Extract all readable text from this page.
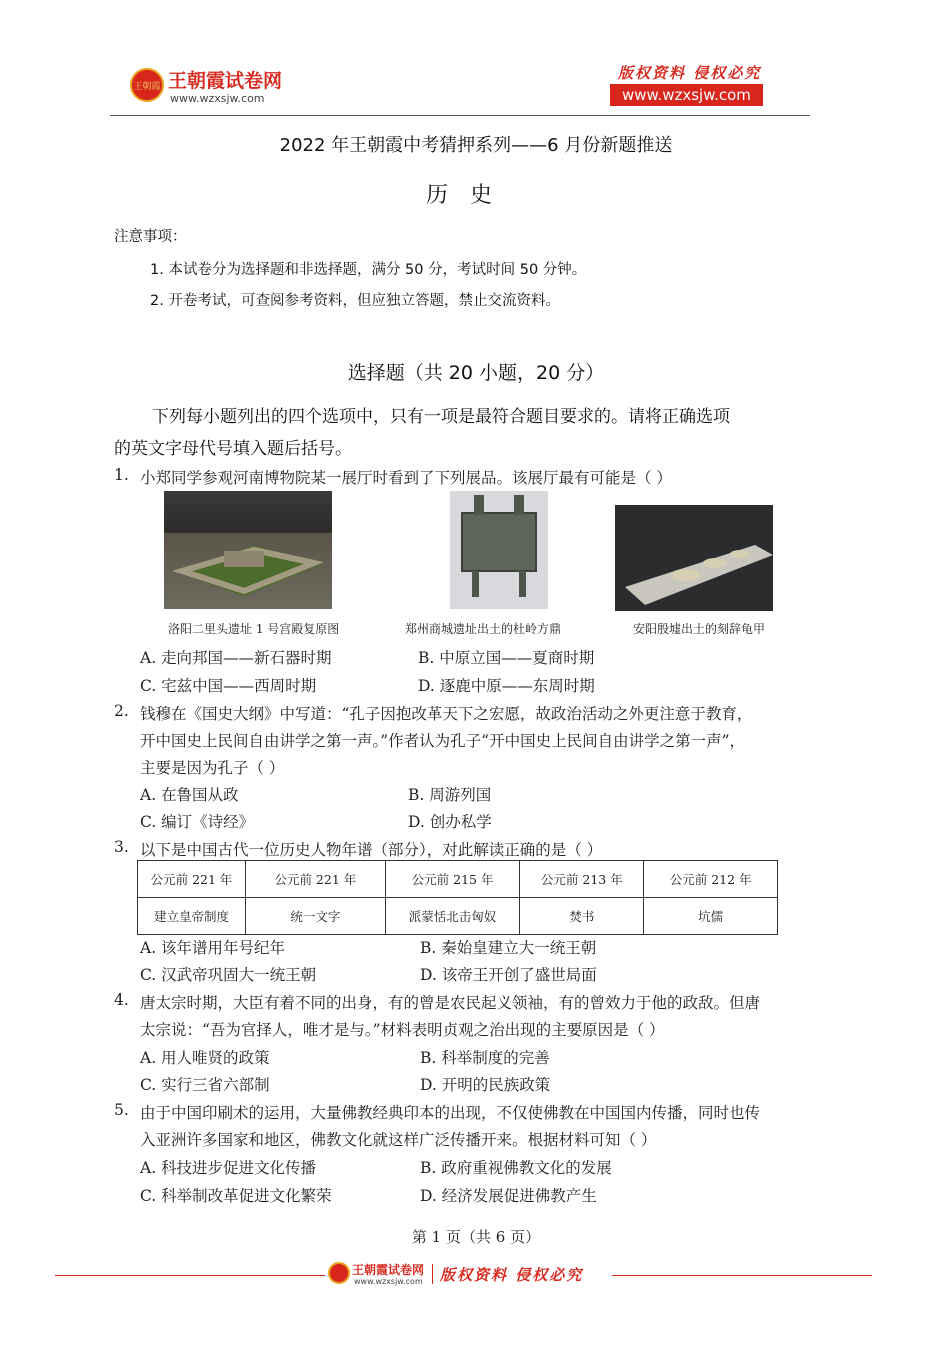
王朝霞 王朝霞试卷网
www.wzxsjw.com
版权资料 侵权必究
www.wzxsjw.com
2022 年王朝霞中考猜押系列——6 月份新题推送
历史
注意事项：
1. 本试卷分为选择题和非选择题，满分 50 分，考试时间 50 分钟。
2. 开卷考试，可查阅参考资料，但应独立答题，禁止交流资料。
选择题（共 20 小题，20 分）
下列每小题列出的四个选项中，只有一项是最符合题目要求的。请将正确选项
的英文字母代号填入题后括号。
1. 小郑同学参观河南博物院某一展厅时看到了下列展品。该展厅最有可能是（ ）
洛阳二里头遗址 1 号宫殿复原图	郑州商城遗址出土的杜岭方鼎	安阳殷墟出土的刻辞龟甲
A. 走向邦国——新石器时期	B. 中原立国——夏商时期
C. 宅兹中国——西周时期	D. 逐鹿中原——东周时期
2. 钱穆在《国史大纲》中写道：“孔子因抱改革天下之宏愿，故政治活动之外更注意于教育，
开中国史上民间自由讲学之第一声。”作者认为孔子“开中国史上民间自由讲学之第一声”，
主要是因为孔子（ ）
A. 在鲁国从政	B. 周游列国
C. 编订《诗经》	D. 创办私学
3. 以下是中国古代一位历史人物年谱（部分），对此解读正确的是（ ）
公元前 221 年	公元前 221 年	公元前 215 年	公元前 213 年	公元前 212 年
建立皇帝制度	统一文字	派蒙恬北击匈奴	焚书	坑儒
A. 该年谱用年号纪年	B. 秦始皇建立大一统王朝
C. 汉武帝巩固大一统王朝	D. 该帝王开创了盛世局面
4. 唐太宗时期，大臣有着不同的出身，有的曾是农民起义领袖，有的曾效力于他的政敌。但唐
太宗说：“吾为官择人，唯才是与。”材料表明贞观之治出现的主要原因是（ ）
A. 用人唯贤的政策	B. 科举制度的完善
C. 实行三省六部制	D. 开明的民族政策
5. 由于中国印刷术的运用，大量佛教经典印本的出现，不仅使佛教在中国国内传播，同时也传
入亚洲许多国家和地区，佛教文化就这样广泛传播开来。根据材料可知（ ）
A. 科技进步促进文化传播	B. 政府重视佛教文化的发展
C. 科举制改革促进文化繁荣	D. 经济发展促进佛教产生
第 1 页（共 6 页）
王朝霞试卷网
www.wzxsjw.com 版权资料 侵权必究
